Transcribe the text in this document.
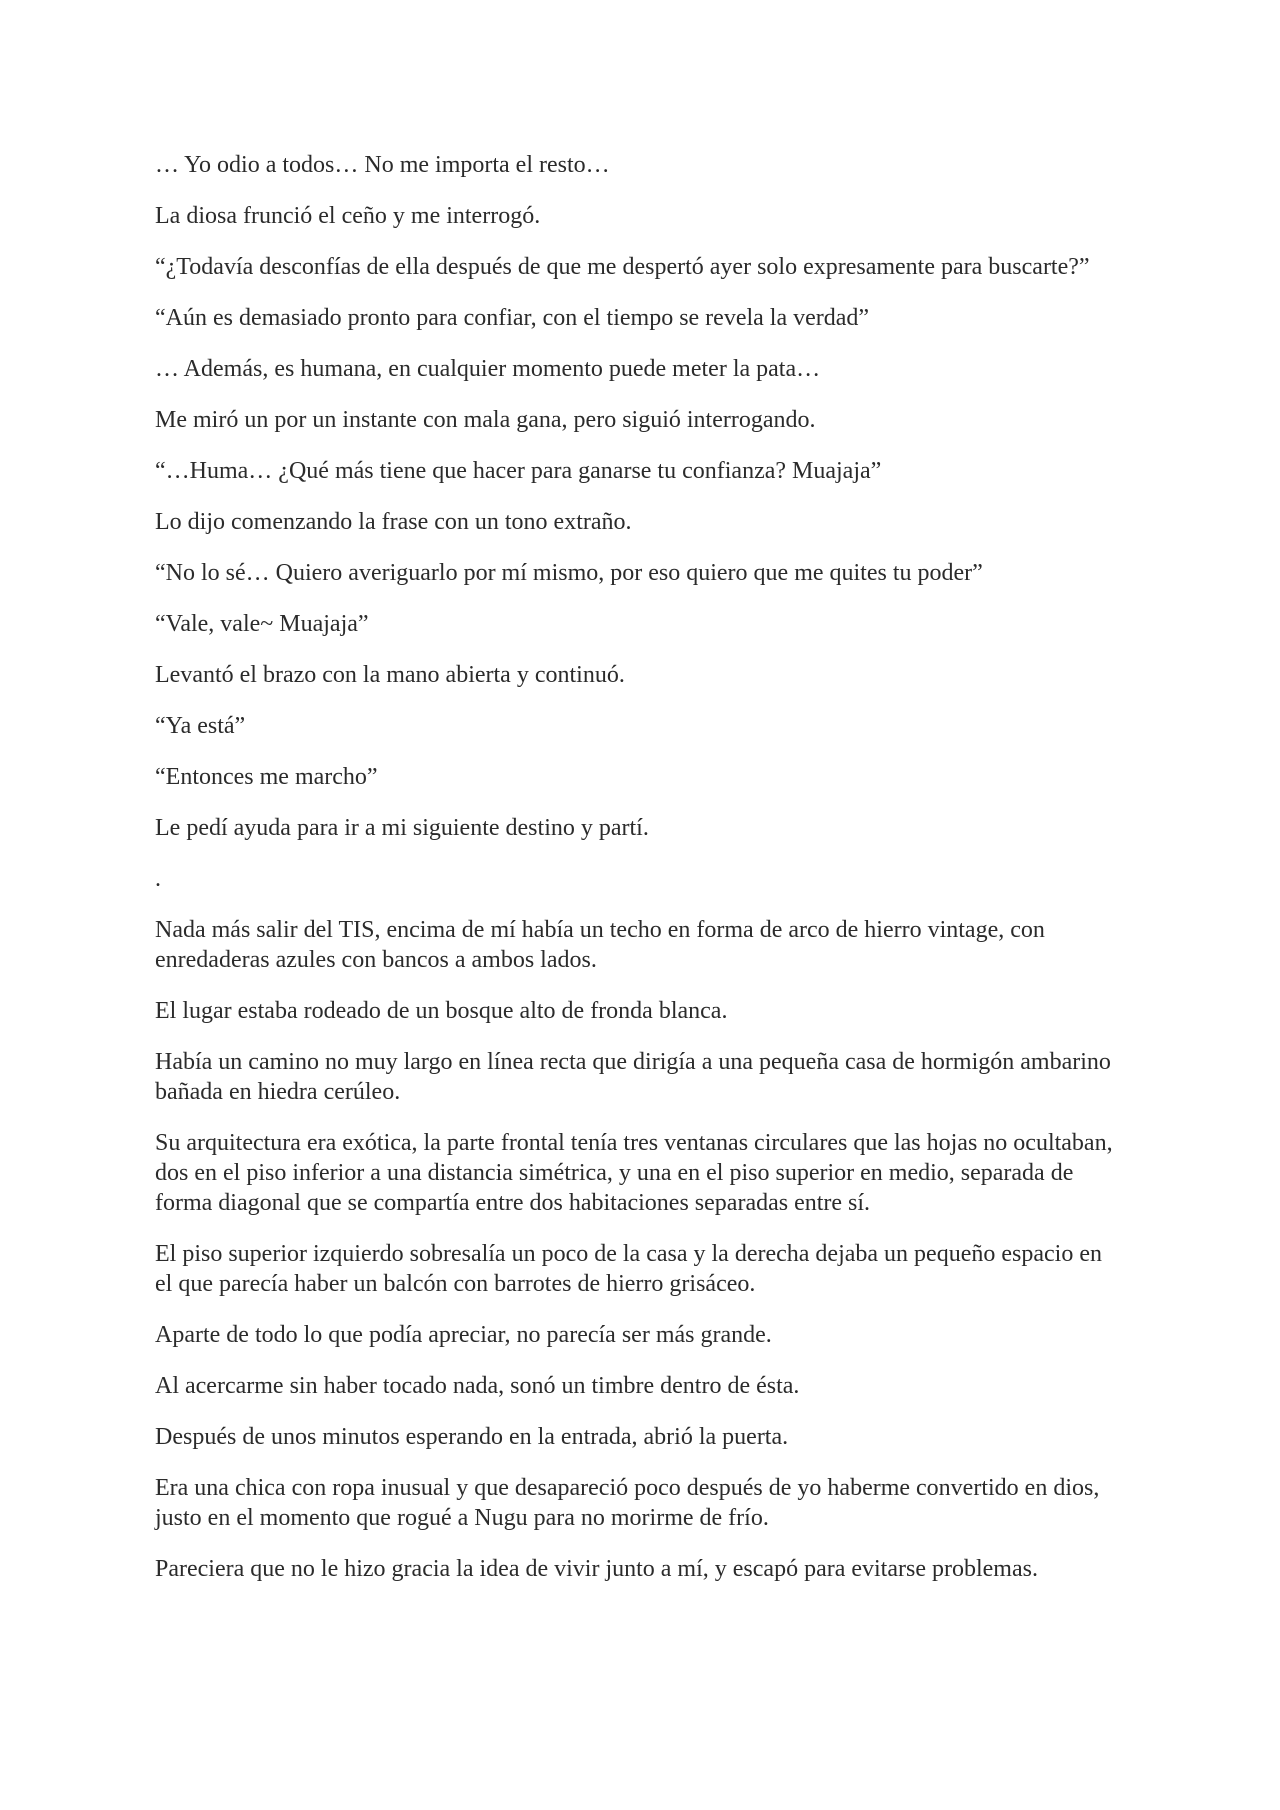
… Yo odio a todos… No me importa el resto…

La diosa frunció el ceño y me interrogó.

“¿Todavía desconfías de ella después de que me despertó ayer solo expresamente para buscarte?”

“Aún es demasiado pronto para confiar, con el tiempo se revela la verdad”

… Además, es humana, en cualquier momento puede meter la pata…

Me miró un por un instante con mala gana, pero siguió interrogando.

“…Huma… ¿Qué más tiene que hacer para ganarse tu confianza? Muajaja”

Lo dijo comenzando la frase con un tono extraño.

“No lo sé… Quiero averiguarlo por mí mismo, por eso quiero que me quites tu poder”

“Vale, vale~ Muajaja”

Levantó el brazo con la mano abierta y continuó.

“Ya está”

“Entonces me marcho”

Le pedí ayuda para ir a mi siguiente destino y partí.

.

Nada más salir del TIS, encima de mí había un techo en forma de arco de hierro vintage, con enredaderas azules con bancos a ambos lados.

El lugar estaba rodeado de un bosque alto de fronda blanca.

Había un camino no muy largo en línea recta que dirigía a una pequeña casa de hormigón ambarino bañada en hiedra cerúleo.

Su arquitectura era exótica, la parte frontal tenía tres ventanas circulares que las hojas no ocultaban, dos en el piso inferior a una distancia simétrica, y una en el piso superior en medio, separada de forma diagonal que se compartía entre dos habitaciones separadas entre sí.

El piso superior izquierdo sobresalía un poco de la casa y la derecha dejaba un pequeño espacio en el que parecía haber un balcón con barrotes de hierro grisáceo.

Aparte de todo lo que podía apreciar, no parecía ser más grande.

Al acercarme sin haber tocado nada, sonó un timbre dentro de ésta.

Después de unos minutos esperando en la entrada, abrió la puerta.

Era una chica con ropa inusual y que desapareció poco después de yo haberme convertido en dios, justo en el momento que rogué a Nugu para no morirme de frío.

Pareciera que no le hizo gracia la idea de vivir junto a mí, y escapó para evitarse problemas.
